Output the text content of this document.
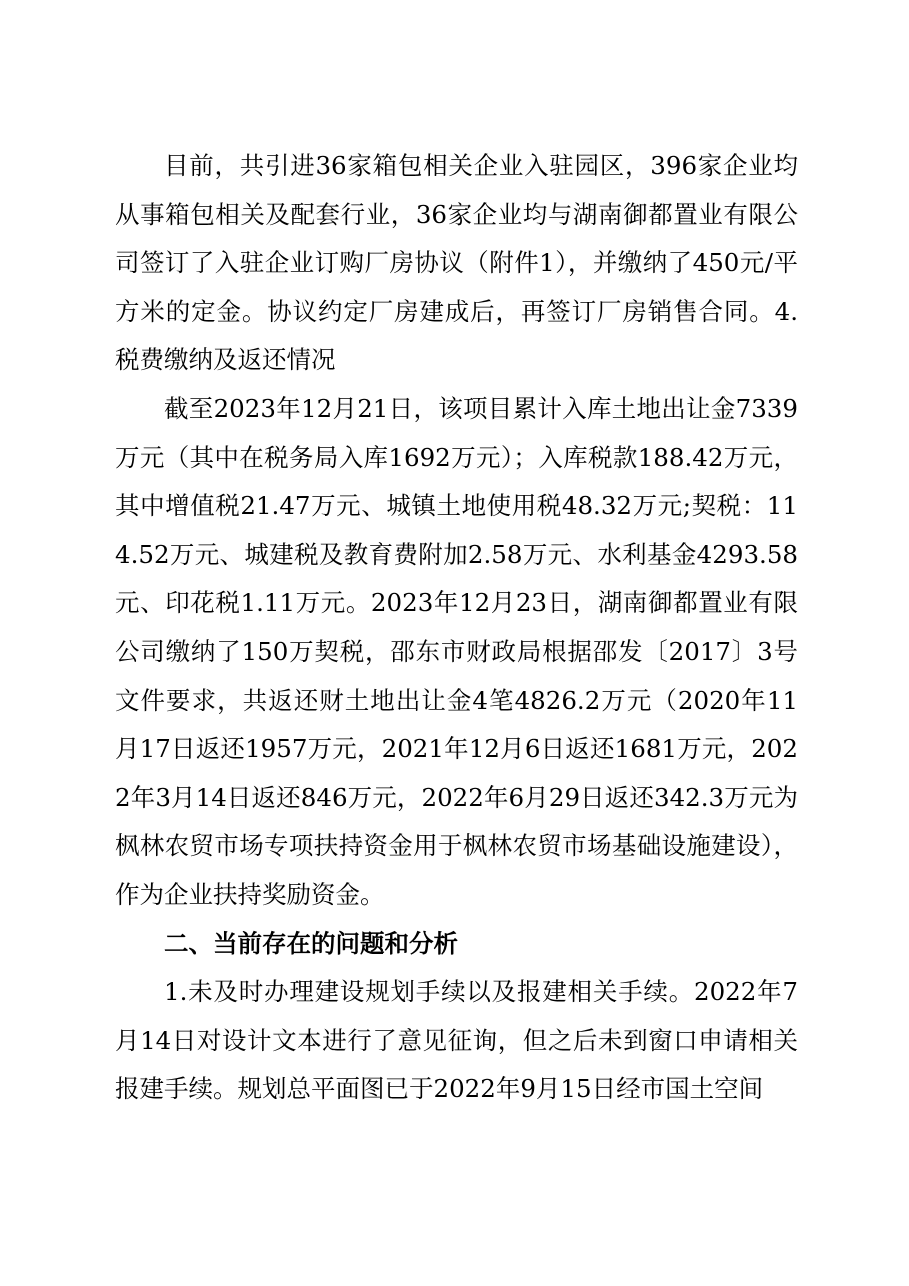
目前，共引进36家箱包相关企业入驻园区，396家企业均从事箱包相关及配套行业，36家企业均与湖南御都置业有限公司签订了入驻企业订购厂房协议（附件1），并缴纳了450元/平方米的定金。协议约定厂房建成后，再签订厂房销售合同。4.税费缴纳及返还情况

截至2023年12月21日，该项目累计入库土地出让金7339万元（其中在税务局入库1692万元）；入库税款188.42万元，其中增值税21.47万元、城镇土地使用税48.32万元;契税：114.52万元、城建税及教育费附加2.58万元、水利基金4293.58元、印花税1.11万元。2023年12月23日，湖南御都置业有限公司缴纳了150万契税，邵东市财政局根据邵发〔2017〕3号文件要求，共返还财土地出让金4笔4826.2万元（2020年11月17日返还1957万元，2021年12月6日返还1681万元，2022年3月14日返还846万元，2022年6月29日返还342.3万元为枫林农贸市场专项扶持资金用于枫林农贸市场基础设施建设），作为企业扶持奖励资金。

二、当前存在的问题和分析

1.未及时办理建设规划手续以及报建相关手续。2022年7月14日对设计文本进行了意见征询，但之后未到窗口申请相关报建手续。规划总平面图已于2022年9月15日经市国土空间
